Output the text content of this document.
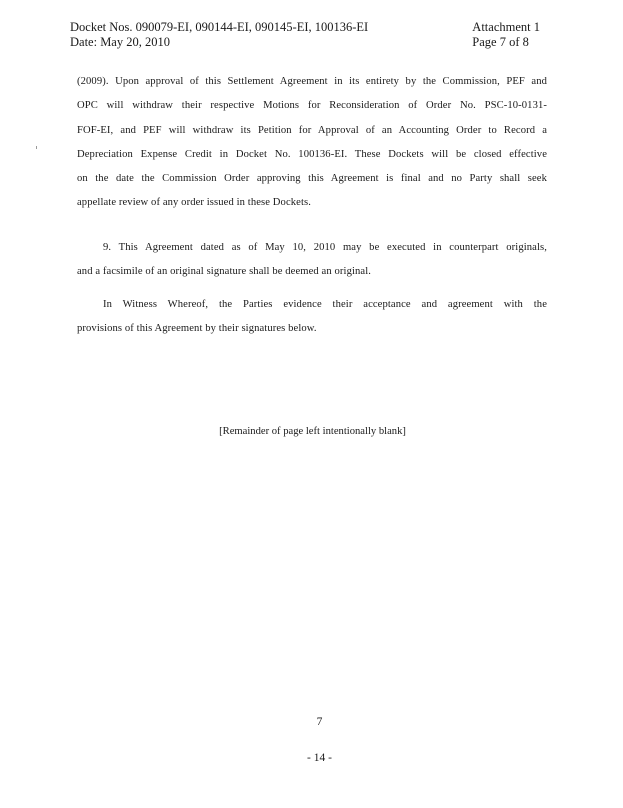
Docket Nos. 090079-EI, 090144-EI, 090145-EI, 100136-EI
Date: May 20, 2010
Attachment 1
Page 7 of 8
(2009). Upon approval of this Settlement Agreement in its entirety by the Commission, PEF and
OPC will withdraw their respective Motions for Reconsideration of Order No. PSC-10-0131-
FOF-EI, and PEF will withdraw its Petition for Approval of an Accounting Order to Record a
Depreciation Expense Credit in Docket No. 100136-EI. These Dockets will be closed effective
on the date the Commission Order approving this Agreement is final and no Party shall seek
appellate review of any order issued in these Dockets.
9. This Agreement dated as of May 10, 2010 may be executed in counterpart originals,
and a facsimile of an original signature shall be deemed an original.
In Witness Whereof, the Parties evidence their acceptance and agreement with the
provisions of this Agreement by their signatures below.
[Remainder of page left intentionally blank]
7
- 14 -
